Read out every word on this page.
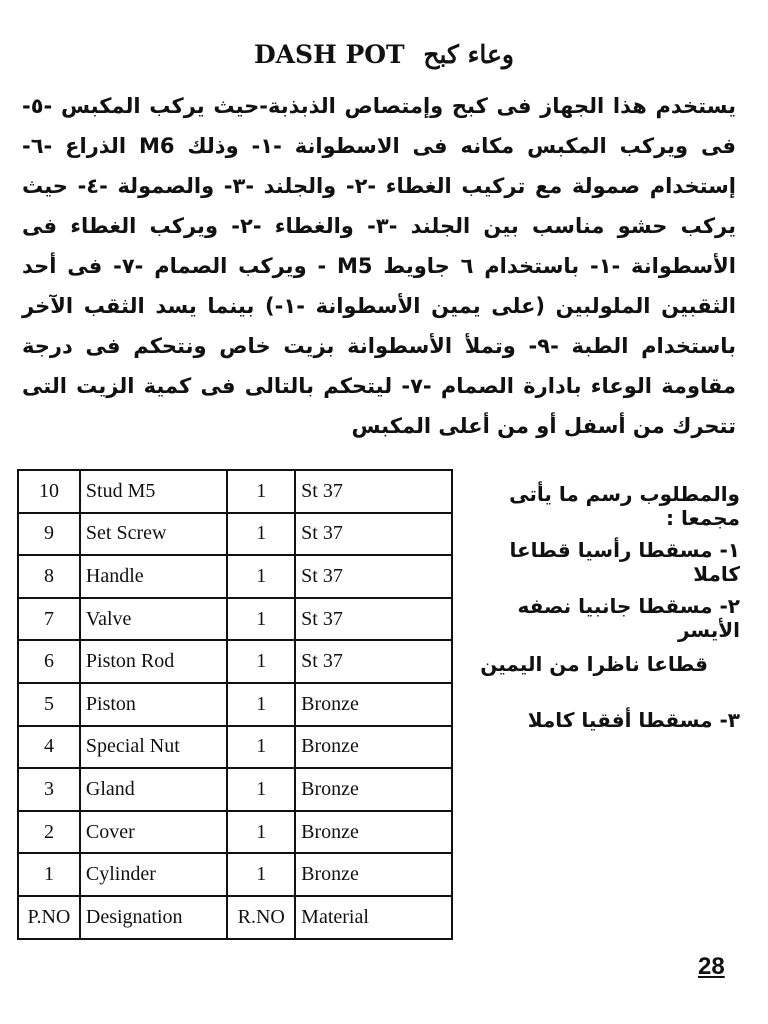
DASH POT وعاء كبح
يستخدم هذا الجهاز فى كبح وإمتصاص الذبذبة-حيث يركب المكبس -٥- فى ويركب المكبس مكانه فى الاسطوانة -١- وذلك M6 الذراع -٦- إستخدام صمولة مع تركيب الغطاء -٢- والجلند -٣- والصمولة -٤- حيث يركب حشو مناسب بين الجلند -٣- والغطاء -٢- ويركب الغطاء فى الأسطوانة -١- باستخدام ٦ جاويط M5 - ويركب الصمام -٧- فى أحد الثقبين الملولبين (على يمين الأسطوانة -١-) بينما يسد الثقب الآخر باستخدام الطبة -٩- وتملأ الأسطوانة بزيت خاص ونتحكم فى درجة مقاومة الوعاء بادارة الصمام -٧- ليتحكم بالتالى فى كمية الزيت التى تتحرك من أسفل أو من أعلى المكبس
10	Stud M5	1	St 37
9	Set Screw	1	St 37
8	Handle	1	St 37
7	Valve	1	St 37
6	Piston Rod	1	St 37
5	Piston	1	Bronze
4	Special Nut	1	Bronze
3	Gland	1	Bronze
2	Cover	1	Bronze
1	Cylinder	1	Bronze
P.NO	Designation	R.NO	Material
والمطلوب رسم ما يأتى مجمعا :
١- مسقطا رأسيا قطاعا كاملا
٢- مسقطا جانبيا نصفه الأيسر
قطاعا ناظرا من اليمين
٣- مسقطا أفقيا كاملا
28
